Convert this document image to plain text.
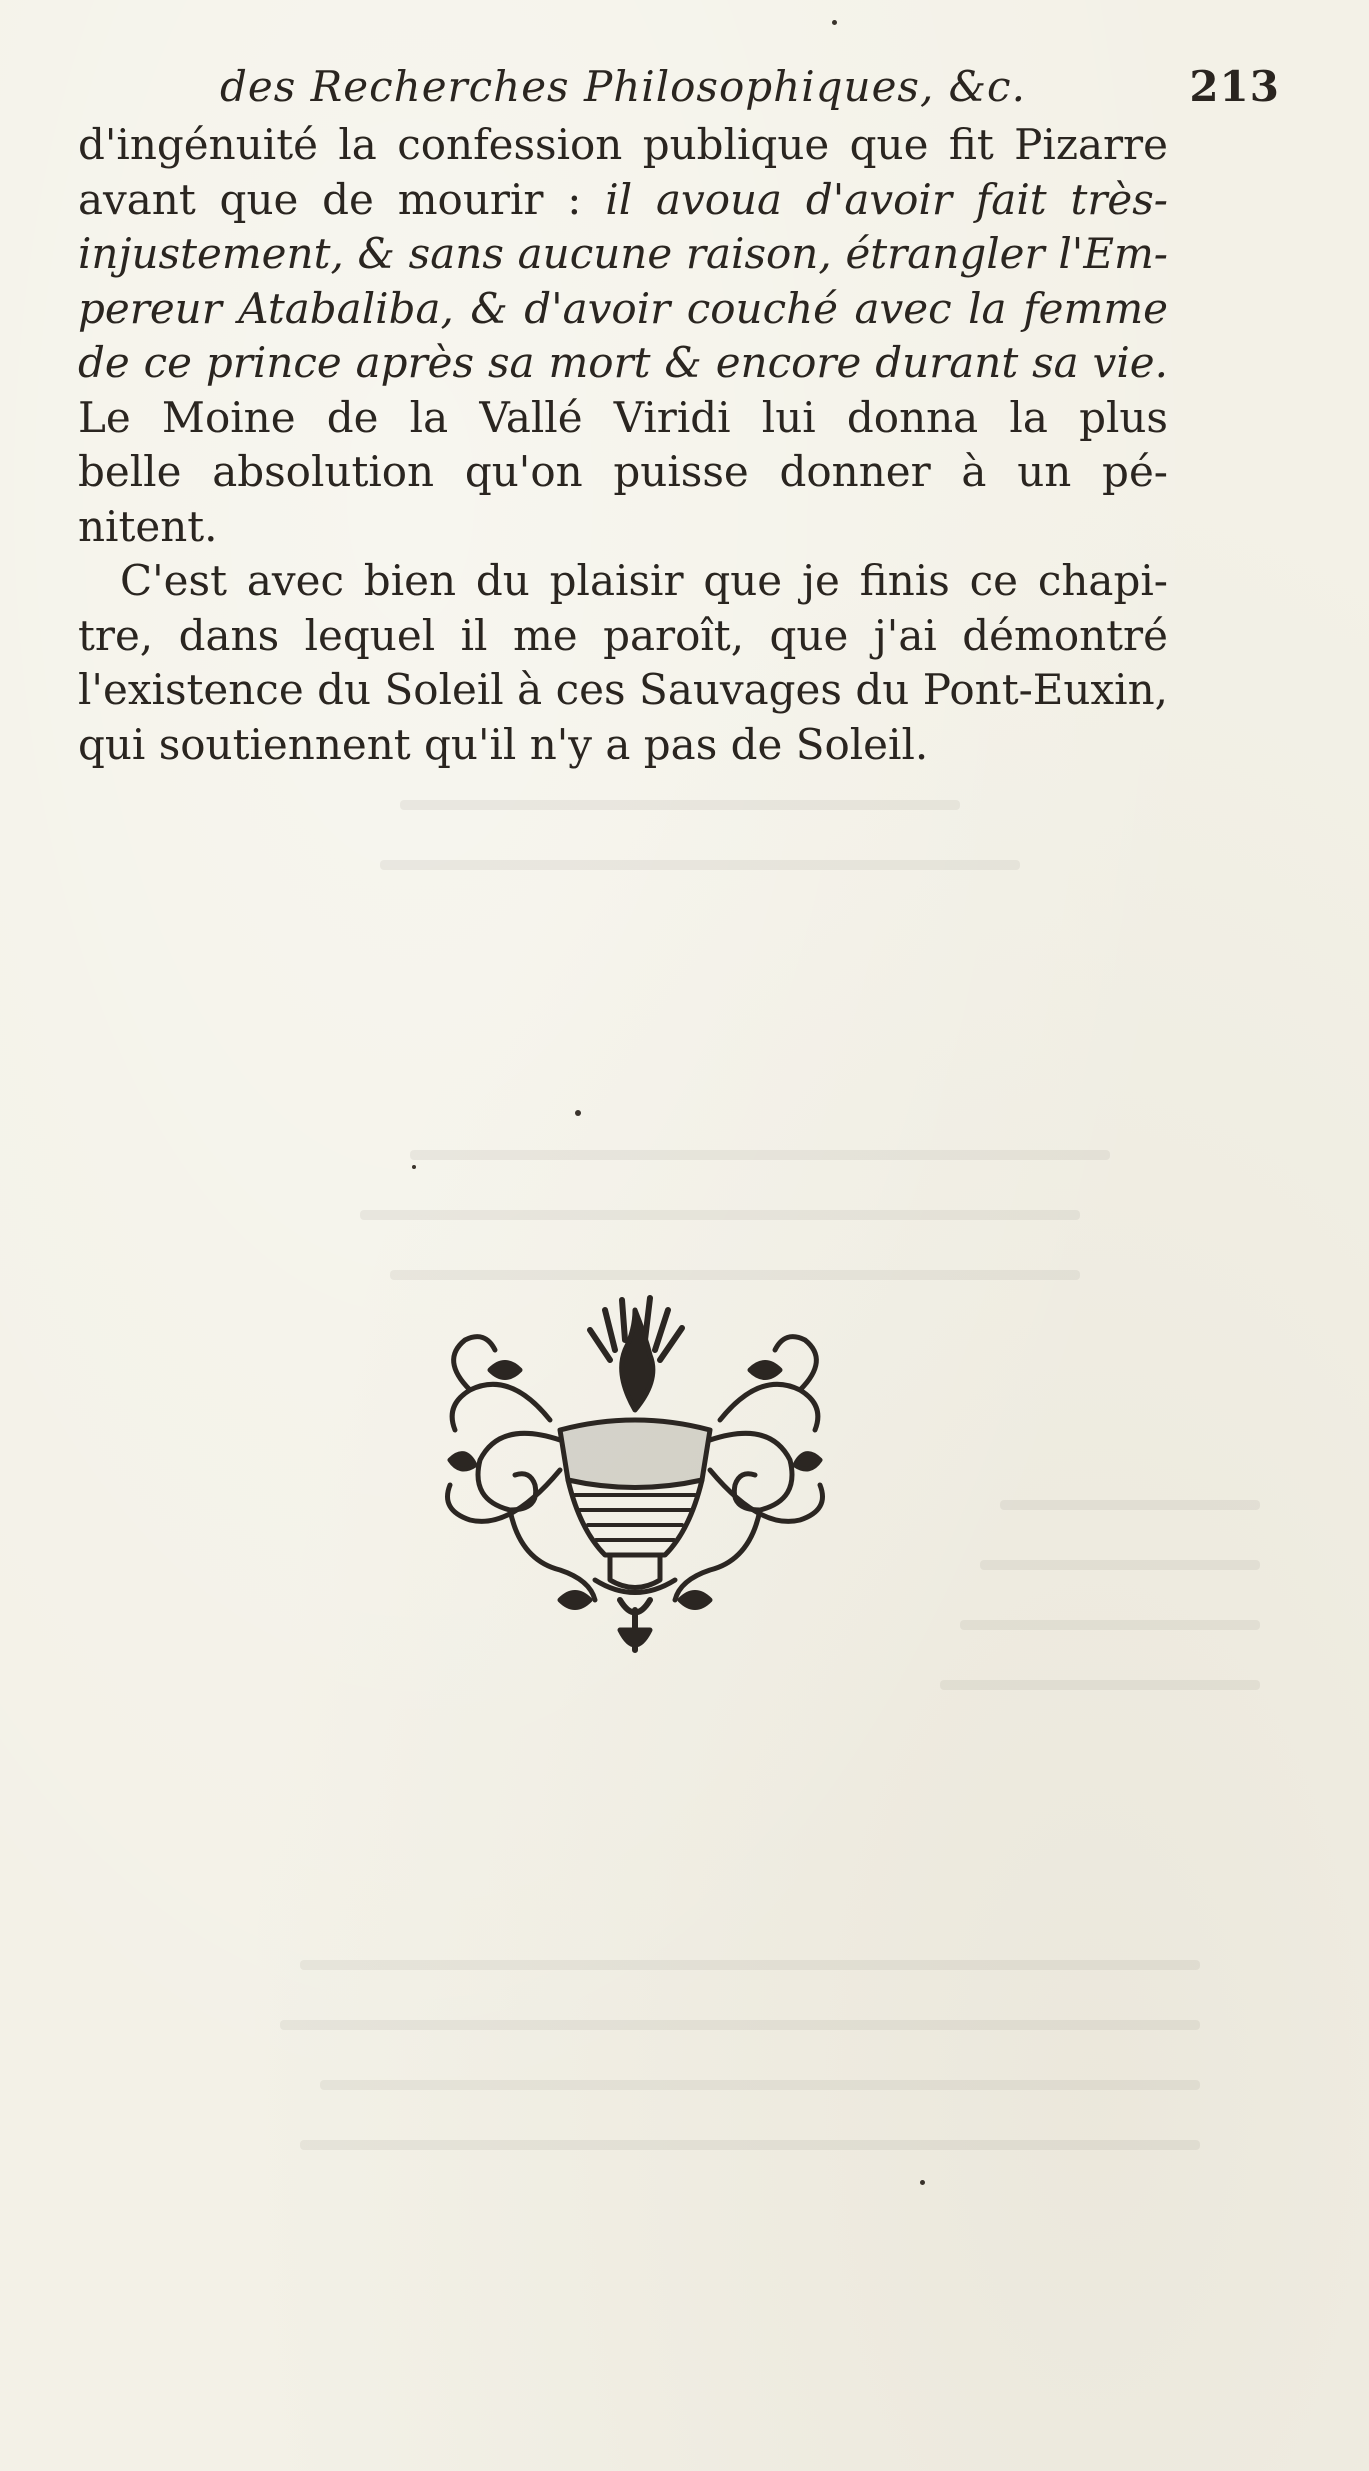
des Recherches Philosophiques, &c.	213
d'ingénuité la confession publique que fit Pizarre
avant que de mourir : il avoua d'avoir fait très-
injustement, & sans aucune raison, étrangler l'Em-
pereur Atabaliba, & d'avoir couché avec la femme
de ce prince après sa mort & encore durant sa vie.
Le Moine de la Vallé Viridi lui donna la plus
belle absolution qu'on puisse donner à un pé-
nitent.
C'est avec bien du plaisir que je finis ce chapi-
tre, dans lequel il me paroît, que j'ai démontré
l'existence du Soleil à ces Sauvages du Pont-Euxin,
qui soutiennent qu'il n'y a pas de Soleil.
